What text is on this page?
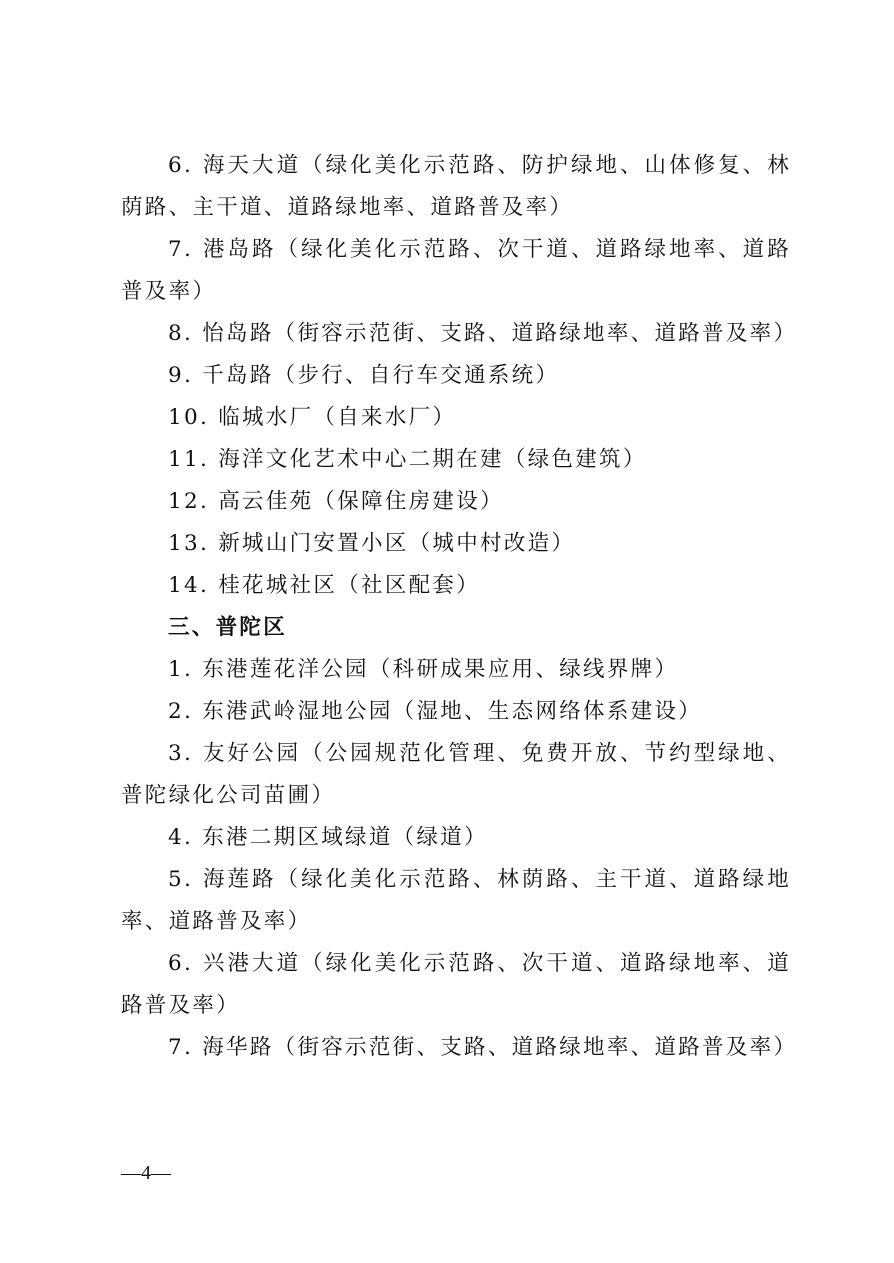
6. 海天大道（绿化美化示范路、防护绿地、山体修复、林荫路、主干道、道路绿地率、道路普及率）

7. 港岛路（绿化美化示范路、次干道、道路绿地率、道路普及率）

8. 怡岛路（街容示范街、支路、道路绿地率、道路普及率）

9. 千岛路（步行、自行车交通系统）

10. 临城水厂（自来水厂）

11. 海洋文化艺术中心二期在建（绿色建筑）

12. 高云佳苑（保障住房建设）

13. 新城山门安置小区（城中村改造）

14. 桂花城社区（社区配套）

三、普陀区

1. 东港莲花洋公园（科研成果应用、绿线界牌）

2. 东港武岭湿地公园（湿地、生态网络体系建设）

3. 友好公园（公园规范化管理、免费开放、节约型绿地、普陀绿化公司苗圃）

4. 东港二期区域绿道（绿道）

5. 海莲路（绿化美化示范路、林荫路、主干道、道路绿地率、道路普及率）

6. 兴港大道（绿化美化示范路、次干道、道路绿地率、道路普及率）

7. 海华路（街容示范街、支路、道路绿地率、道路普及率）

—4—
